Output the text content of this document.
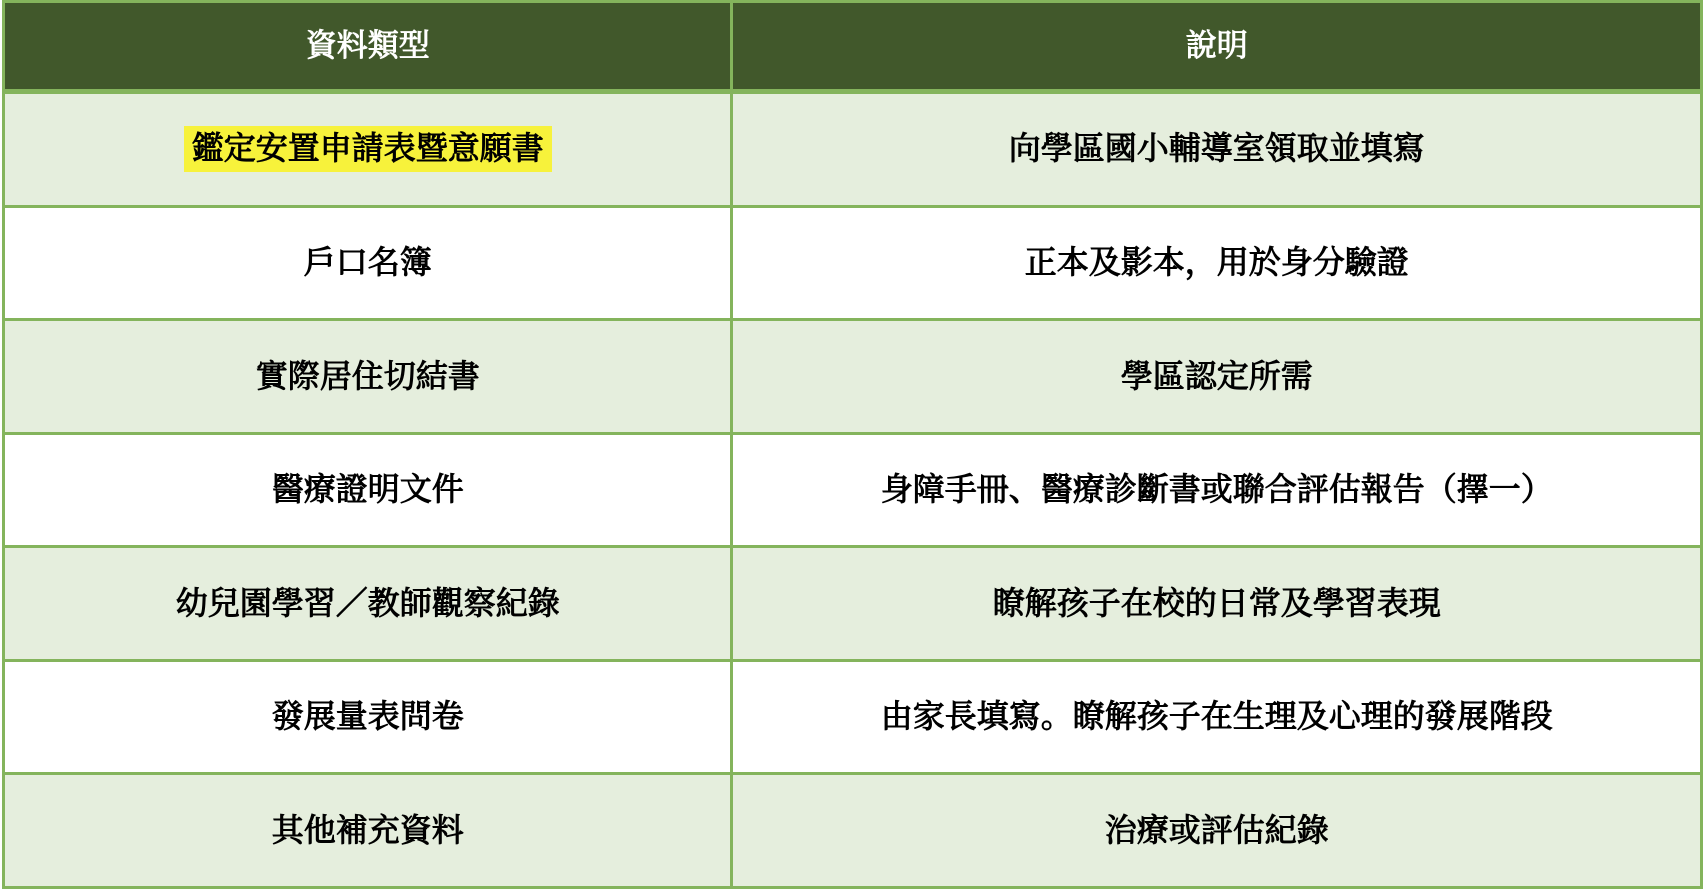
資料類型	說明
鑑定安置申請表暨意願書	向學區國小輔導室領取並填寫
戶口名簿	正本及影本，用於身分驗證
實際居住切結書	學區認定所需
醫療證明文件	身障手冊、醫療診斷書或聯合評估報告（擇一）
幼兒園學習／教師觀察紀錄	瞭解孩子在校的日常及學習表現
發展量表問卷	由家長填寫。瞭解孩子在生理及心理的發展階段
其他補充資料	治療或評估紀錄
